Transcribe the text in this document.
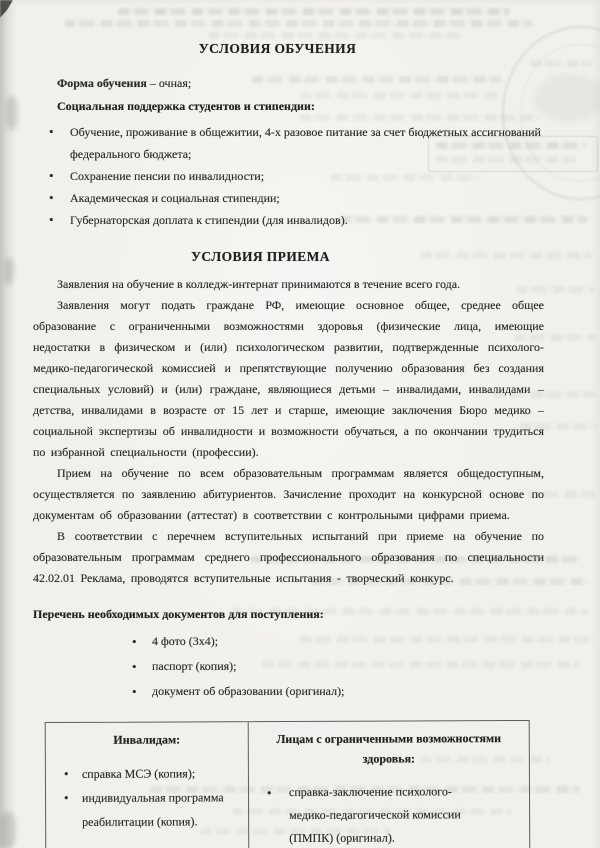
УСЛОВИЯ ОБУЧЕНИЯ
Форма обучения – очная;
Социальная поддержка студентов и стипендии:
• Обучение, проживание в общежитии, 4-х разовое питание за счет бюджетных ассигнований федерального бюджета;
• Сохранение пенсии по инвалидности;
• Академическая и социальная стипендии;
• Губернаторская доплата к стипендии (для инвалидов).
УСЛОВИЯ ПРИЕМА

Заявления на обучение в колледж-интернат принимаются в течение всего года.

Заявления могут подать граждане РФ, имеющие основное общее, среднее общее образование с ограниченными возможностями здоровья (физические лица, имеющие недостатки в физическом и (или) психологическом развитии, подтвержденные психолого-медико-педагогической комиссией и препятствующие получению образования без создания специальных условий) и (или) граждане, являющиеся детьми – инвалидами, инвалидами – детства, инвалидами в возрасте от 15 лет и старше, имеющие заключения Бюро медико – социальной экспертизы об инвалидности и возможности обучаться, а по окончании трудиться по избранной специальности (профессии).

Прием на обучение по всем образовательным программам является общедоступным, осуществляется по заявлению абитуриентов. Зачисление проходит на конкурсной основе по документам об образовании (аттестат) в соответствии с контрольными цифрами приема.

В соответствии с перечнем вступительных испытаний при приеме на обучение по образовательным программам среднего профессионального образования по специальности 42.02.01 Реклама, проводятся вступительные испытания - творческий конкурс.

Перечень необходимых документов для поступления:
• 4 фото (3х4);
• паспорт (копия);
• документ об образовании (оригинал);
Инвалидам:
• справка МСЭ (копия);
• индивидуальная программа реабилитации (копия).
Лицам с ограниченными возможностями здоровья:
• справка-заключение психолого-медико-педагогической комиссии (ПМПК) (оригинал).
